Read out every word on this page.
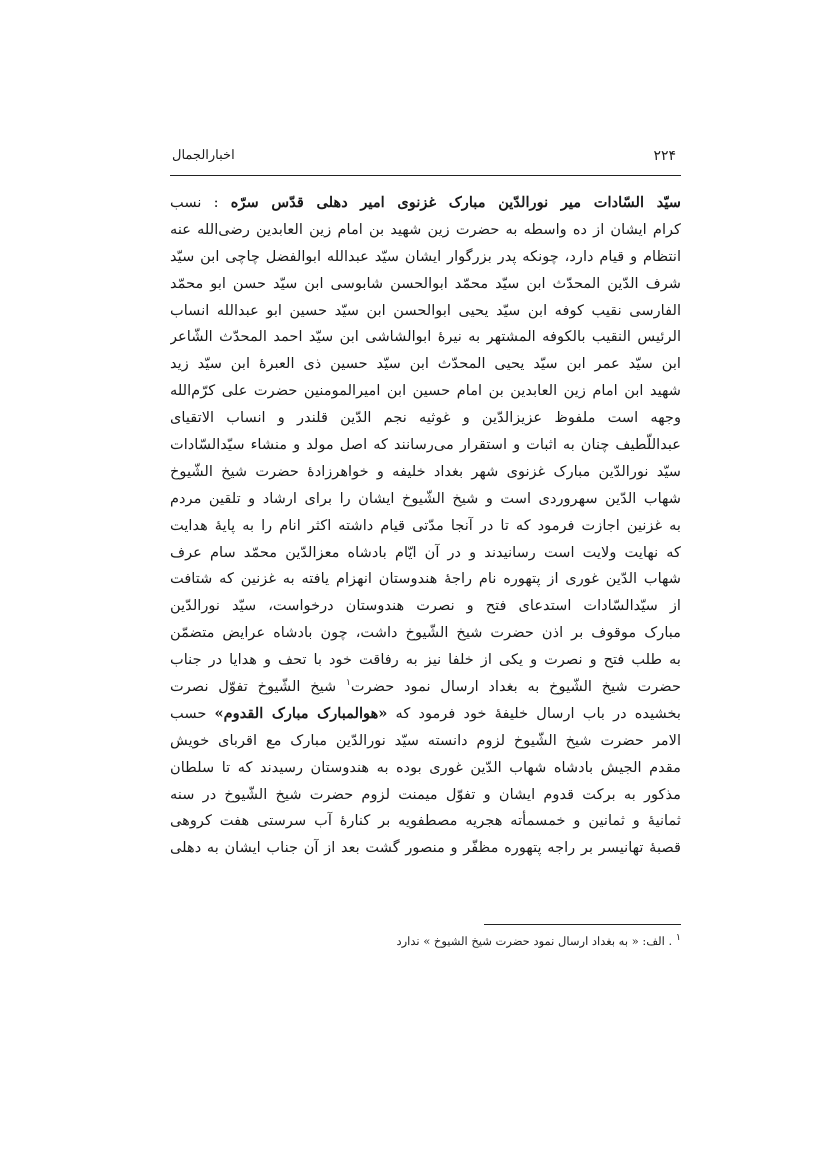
۲۲۴
اخبارالجمال
سیّد السّادات میر نورالدّین مبارک غزنوی امیر دهلی قدّس سرّه : نسب
کرام ایشان از ده واسطه به حضرت زین شهید بن امام زین العابدین رضی‌الله عنه
انتظام و قیام دارد، چونکه پدر بزرگوار ایشان سیّد عبدالله ابوالفضل چاچی ابن سیّد
شرف الدّین المحدّث ابن سیّد محمّد ابوالحسن شابوسی ابن سیّد حسن ابو محمّد
الفارسی نقیب کوفه ابن سیّد یحیی ابوالحسن ابن سیّد حسین ابو عبدالله انساب
الرئیس النقیب بالکوفه المشتهر به نیرهٔ ابوالشاشی ابن سیّد احمد المحدّث الشّاعر
ابن سیّد عمر ابن سیّد یحیی المحدّث ابن سیّد حسین ذی العبرهٔ ابن سیّد زید
شهید ابن امام زین العابدین بن امام حسین ابن امیرالمومنین حضرت علی کرّم‌الله
وجهه است ملفوظ عزیزالدّین و غوثیه نجم الدّین قلندر و انساب الاتقیای
عبداللّطیف چنان به اثبات و استقرار می‌رسانند که اصل مولد و منشاء سیّدالسّادات
سیّد نورالدّین مبارک غزنوی شهر بغداد خلیفه و خواهرزادهٔ حضرت شیخ الشّیوخ
شهاب الدّین سهروردی است و شیخ الشّیوخ ایشان را برای ارشاد و تلقین مردم
به غزنین اجازت فرمود که تا در آنجا مدّتی قیام داشته اکثر انام را به پایهٔ هدایت
که نهایت ولایت است رسانیدند و در آن ایّام بادشاه معزالدّین محمّد سام عرف
شهاب الدّین غوری از پتهوره نام راجهٔ هندوستان انهزام یافته به غزنین که شتافت
از سیّدالسّادات استدعای فتح و نصرت هندوستان درخواست، سیّد نورالدّین
مبارک موقوف بر اذن حضرت شیخ الشّیوخ داشت، چون بادشاه عرایض متضمّن
به طلب فتح و نصرت و یکی از خلفا نیز به رفاقت خود با تحف و هدایا در جناب
حضرت شیخ الشّیوخ به بغداد ارسال نمود حضرت$^۱$ شیخ الشّیوخ تفوّل نصرت
بخشیده در باب ارسال خلیفهٔ خود فرمود که «هوالمبارک مبارک القدوم» حسب
الامر حضرت شیخ الشّیوخ لزوم دانسته سیّد نورالدّین مبارک مع اقربای خویش
مقدم الجیش بادشاه شهاب الدّین غوری بوده به هندوستان رسیدند که تا سلطان
مذکور به برکت قدوم ایشان و تفوّل میمنت لزوم حضرت شیخ الشّیوخ در سنه
ثمانیهٔ و ثمانین و خمسمأته هجریه مصطفویه بر کنارهٔ آب سرستی هفت کروهی
قصبهٔ تهانیسر بر راجه پتهوره مظفّر و منصور گشت بعد از آن جناب ایشان به دهلی
$^۱$ . الف: « به بغداد ارسال نمود حضرت شیخ الشیوخ » ندارد
